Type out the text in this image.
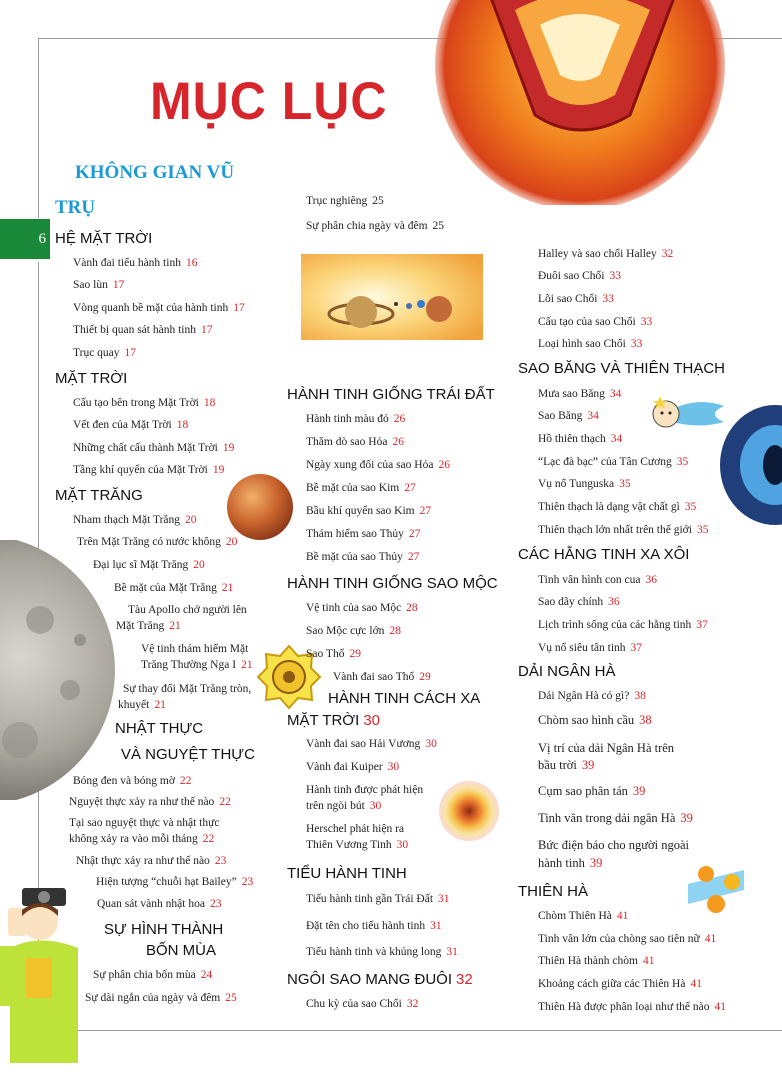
6
MỤC LỤC
KHÔNG GIAN VŨ
TRỤ
HỆ MẶT TRỜI
Vành đai tiểu hành tinh 16
Sao lùn 17
Vòng quanh bề mặt của hành tinh 17
Thiết bị quan sát hành tinh 17
Trục quay 17
MẶT TRỜI
Cấu tạo bên trong Mặt Trời 18
Vết đen của Mặt Trời 18
Những chất cấu thành Mặt Trời 19
Tầng khí quyển của Mặt Trời 19
MẶT TRĂNG
Nham thạch Mặt Trăng 20
Trên Mặt Trăng có nước không 20
Đại lục sĩ Mặt Trăng 20
Bề mặt của Mặt Trăng 21
Tàu Apollo chở người lên
Mặt Trăng 21
Vệ tinh thám hiểm Mặt
Trăng Thường Nga I 21
Sự thay đổi Mặt Trăng tròn,
khuyết 21
NHẬT THỰC
VÀ NGUYỆT THỰC
Bóng đen và bóng mờ 22
Nguyệt thực xảy ra như thế nào 22
Tại sao nguyệt thực và nhật thực
không xảy ra vào mỗi tháng 22
Nhật thực xảy ra như thế nào 23
Hiện tượng “chuỗi hạt Bailey” 23
Quan sát vành nhật hoa 23
SỰ HÌNH THÀNH
BỐN MÙA
Sự phân chia bốn mùa 24
Sự dài ngắn của ngày và đêm 25
Trục nghiêng 25
Sự phân chia ngày và đêm 25
HÀNH TINH GIỐNG TRÁI ĐẤT
Hành tinh màu đỏ 26
Thăm dò sao Hỏa 26
Ngày xung đối của sao Hỏa 26
Bề mặt của sao Kim 27
Bầu khí quyển sao Kim 27
Thám hiểm sao Thủy 27
Bề mặt của sao Thủy 27
HÀNH TINH GIỐNG SAO MỘC
Vệ tinh của sao Mộc 28
Sao Mộc cực lớn 28
Sao Thổ 29
Vành đai sao Thổ 29
HÀNH TINH CÁCH XA
MẶT TRỜI 30
Vành đai sao Hải Vương 30
Vành đai Kuiper 30
Hành tinh được phát hiện
trên ngòi bút 30
Herschel phát hiện ra
Thiên Vương Tinh 30
TIỂU HÀNH TINH
Tiểu hành tinh gần Trái Đất 31
Đặt tên cho tiểu hành tinh 31
Tiểu hành tinh và khủng long 31
NGÔI SAO MANG ĐUÔI 32
Chu kỳ của sao Chổi 32
Halley và sao chổi Halley 32
Đuôi sao Chổi 33
Lõi sao Chổi 33
Cấu tạo của sao Chổi 33
Loại hình sao Chổi 33
SAO BĂNG VÀ THIÊN THẠCH
Mưa sao Băng 34
Sao Băng 34
Hồ thiên thạch 34
“Lạc đà bạc” của Tân Cương 35
Vụ nổ Tunguska 35
Thiên thạch là dạng vật chất gì 35
Thiên thạch lớn nhất trên thế giới 35
CÁC HẰNG TINH XA XÔI
Tinh vân hình con cua 36
Sao dãy chính 36
Lịch trình sống của các hằng tinh 37
Vụ nổ siêu tân tinh 37
DẢI NGÂN HÀ
Dải Ngân Hà có gì? 38
Chòm sao hình cầu 38
Vị trí của dải Ngân Hà trên
bầu trời 39
Cụm sao phân tán 39
Tinh vân trong dải ngân Hà 39
Bức điện báo cho người ngoài
hành tinh 39
THIÊN HÀ
Chòm Thiên Hà 41
Tinh vân lớn của chòng sao tiên nữ 41
Thiên Hà thành chòm 41
Khoảng cách giữa các Thiên Hà 41
Thiên Hà được phân loại như thế nào 41
